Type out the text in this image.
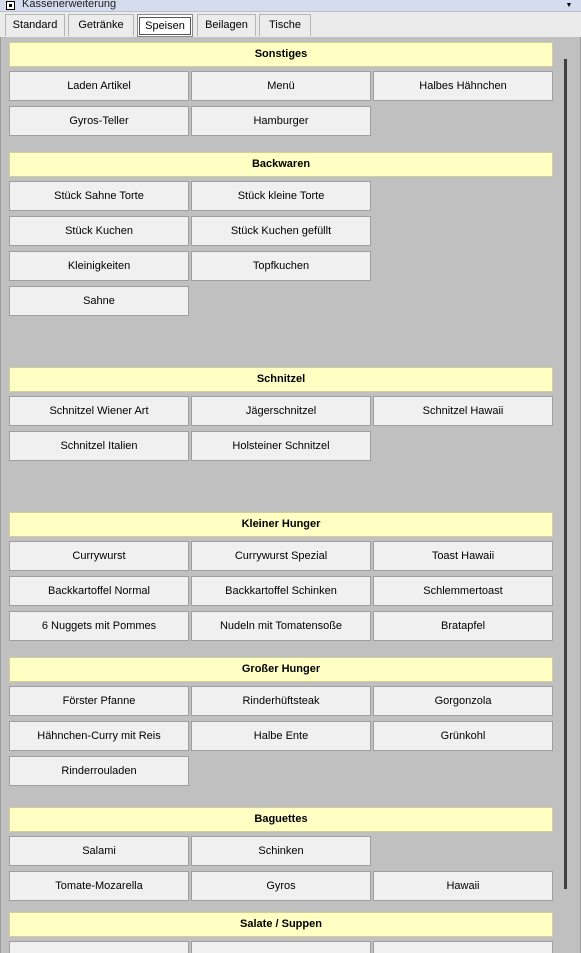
Kassenerweiterung	▼
Standard	Getränke	Speisen	Beilagen	Tische
Sonstiges
Laden Artikel	Menü	Halbes Hähnchen
Gyros-Teller	Hamburger
Backwaren
Stück Sahne Torte	Stück kleine Torte
Stück Kuchen	Stück Kuchen gefüllt
Kleinigkeiten	Topfkuchen
Sahne
Schnitzel
Schnitzel Wiener Art	Jägerschnitzel	Schnitzel Hawaii
Schnitzel Italien	Holsteiner Schnitzel
Kleiner Hunger
Currywurst	Currywurst Spezial	Toast Hawaii
Backkartoffel Normal	Backkartoffel Schinken	Schlemmertoast
6 Nuggets mit Pommes	Nudeln mit Tomatensoße	Bratapfel
Großer Hunger
Förster Pfanne	Rinderhüftsteak	Gorgonzola
Hähnchen-Curry mit Reis	Halbe Ente	Grünkohl
Rinderrouladen
Baguettes
Salami	Schinken
Tomate-Mozarella	Gyros	Hawaii
Salate / Suppen
